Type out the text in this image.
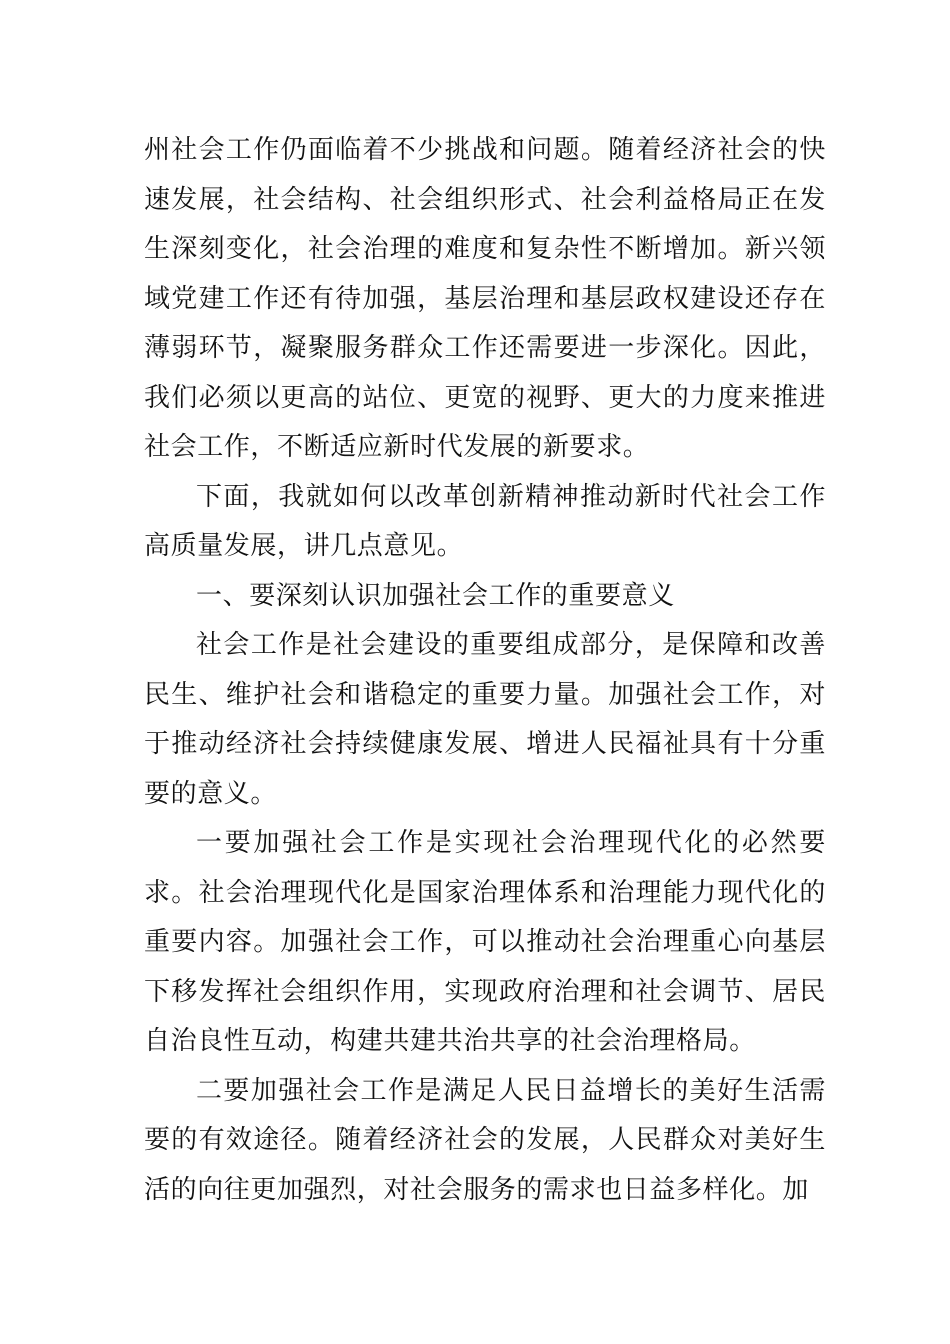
州社会工作仍面临着不少挑战和问题。随着经济社会的快速发展，社会结构、社会组织形式、社会利益格局正在发生深刻变化，社会治理的难度和复杂性不断增加。新兴领域党建工作还有待加强，基层治理和基层政权建设还存在薄弱环节，凝聚服务群众工作还需要进一步深化。因此，我们必须以更高的站位、更宽的视野、更大的力度来推进社会工作，不断适应新时代发展的新要求。

下面，我就如何以改革创新精神推动新时代社会工作高质量发展，讲几点意见。

一、要深刻认识加强社会工作的重要意义

社会工作是社会建设的重要组成部分，是保障和改善民生、维护社会和谐稳定的重要力量。加强社会工作，对于推动经济社会持续健康发展、增进人民福祉具有十分重要的意义。

一要加强社会工作是实现社会治理现代化的必然要求。社会治理现代化是国家治理体系和治理能力现代化的重要内容。加强社会工作，可以推动社会治理重心向基层下移发挥社会组织作用，实现政府治理和社会调节、居民自治良性互动，构建共建共治共享的社会治理格局。

二要加强社会工作是满足人民日益增长的美好生活需要的有效途径。随着经济社会的发展，人民群众对美好生活的向往更加强烈，对社会服务的需求也日益多样化。加
